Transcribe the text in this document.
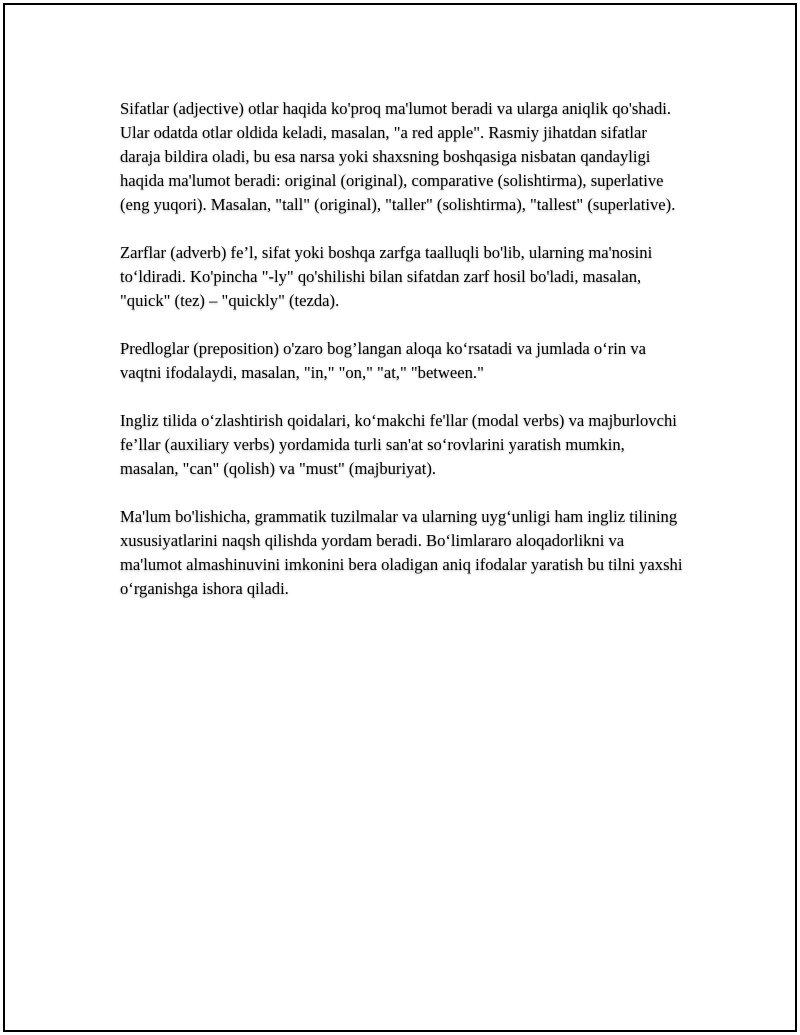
Sifatlar (adjective) otlar haqida ko'proq ma'lumot beradi va ularga aniqlik qo'shadi. Ular odatda otlar oldida keladi, masalan, "a red apple". Rasmiy jihatdan sifatlar daraja bildira oladi, bu esa narsa yoki shaxsning boshqasiga nisbatan qandayligi haqida ma'lumot beradi: original (original), comparative (solishtirma), superlative (eng yuqori). Masalan, "tall" (original), "taller" (solishtirma), "tallest" (superlative).

Zarflar (adverb) fe’l, sifat yoki boshqa zarfga taalluqli bo'lib, ularning ma'nosini to‘ldiradi. Ko'pincha "-ly" qo'shilishi bilan sifatdan zarf hosil bo'ladi, masalan, "quick" (tez) – "quickly" (tezda).

Predloglar (preposition) o'zaro bog’langan aloqa ko‘rsatadi va jumlada o‘rin va vaqtni ifodalaydi, masalan, "in," "on," "at," "between."

Ingliz tilida o‘zlashtirish qoidalari, ko‘makchi fe'llar (modal verbs) va majburlovchi fe’llar (auxiliary verbs) yordamida turli san'at so‘rovlarini yaratish mumkin, masalan, "can" (qolish) va "must" (majburiyat).

Ma'lum bo'lishicha, grammatik tuzilmalar va ularning uyg‘unligi ham ingliz tilining xususiyatlarini naqsh qilishda yordam beradi. Bo‘limlararo aloqadorlikni va ma'lumot almashinuvini imkonini bera oladigan aniq ifodalar yaratish bu tilni yaxshi o‘rganishga ishora qiladi.
